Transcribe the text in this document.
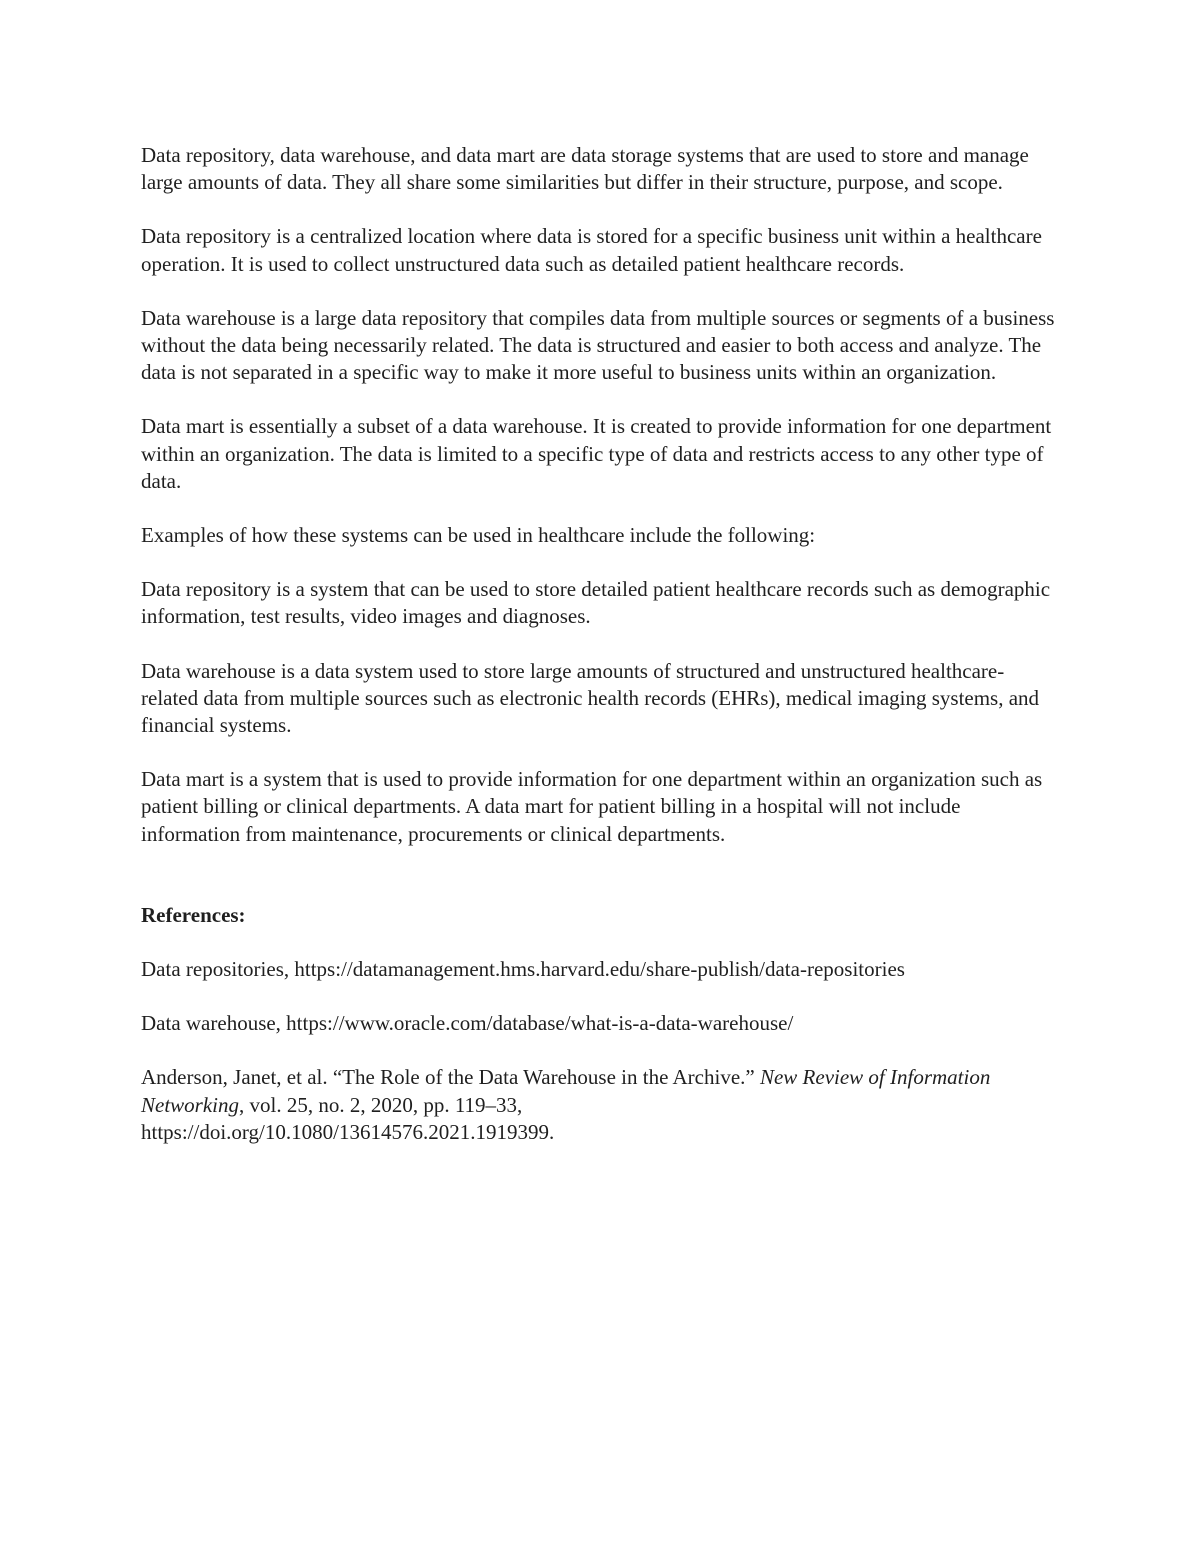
Data repository, data warehouse, and data mart are data storage systems that are used to store and manage large amounts of data. They all share some similarities but differ in their structure, purpose, and scope.

Data repository is a centralized location where data is stored for a specific business unit within a healthcare operation. It is used to collect unstructured data such as detailed patient healthcare records.

Data warehouse is a large data repository that compiles data from multiple sources or segments of a business without the data being necessarily related. The data is structured and easier to both access and analyze. The data is not separated in a specific way to make it more useful to business units within an organization.

Data mart is essentially a subset of a data warehouse. It is created to provide information for one department within an organization. The data is limited to a specific type of data and restricts access to any other type of data.

Examples of how these systems can be used in healthcare include the following:

Data repository is a system that can be used to store detailed patient healthcare records such as demographic information, test results, video images and diagnoses.

Data warehouse is a data system used to store large amounts of structured and unstructured healthcare-related data from multiple sources such as electronic health records (EHRs), medical imaging systems, and financial systems.

Data mart is a system that is used to provide information for one department within an organization such as patient billing or clinical departments. A data mart for patient billing in a hospital will not include information from maintenance, procurements or clinical departments.

References:

Data repositories, https://datamanagement.hms.harvard.edu/share-publish/data-repositories

Data warehouse, https://www.oracle.com/database/what-is-a-data-warehouse/

Anderson, Janet, et al. “The Role of the Data Warehouse in the Archive.” New Review of Information Networking, vol. 25, no. 2, 2020, pp. 119–33,
https://doi.org/10.1080/13614576.2021.1919399.
